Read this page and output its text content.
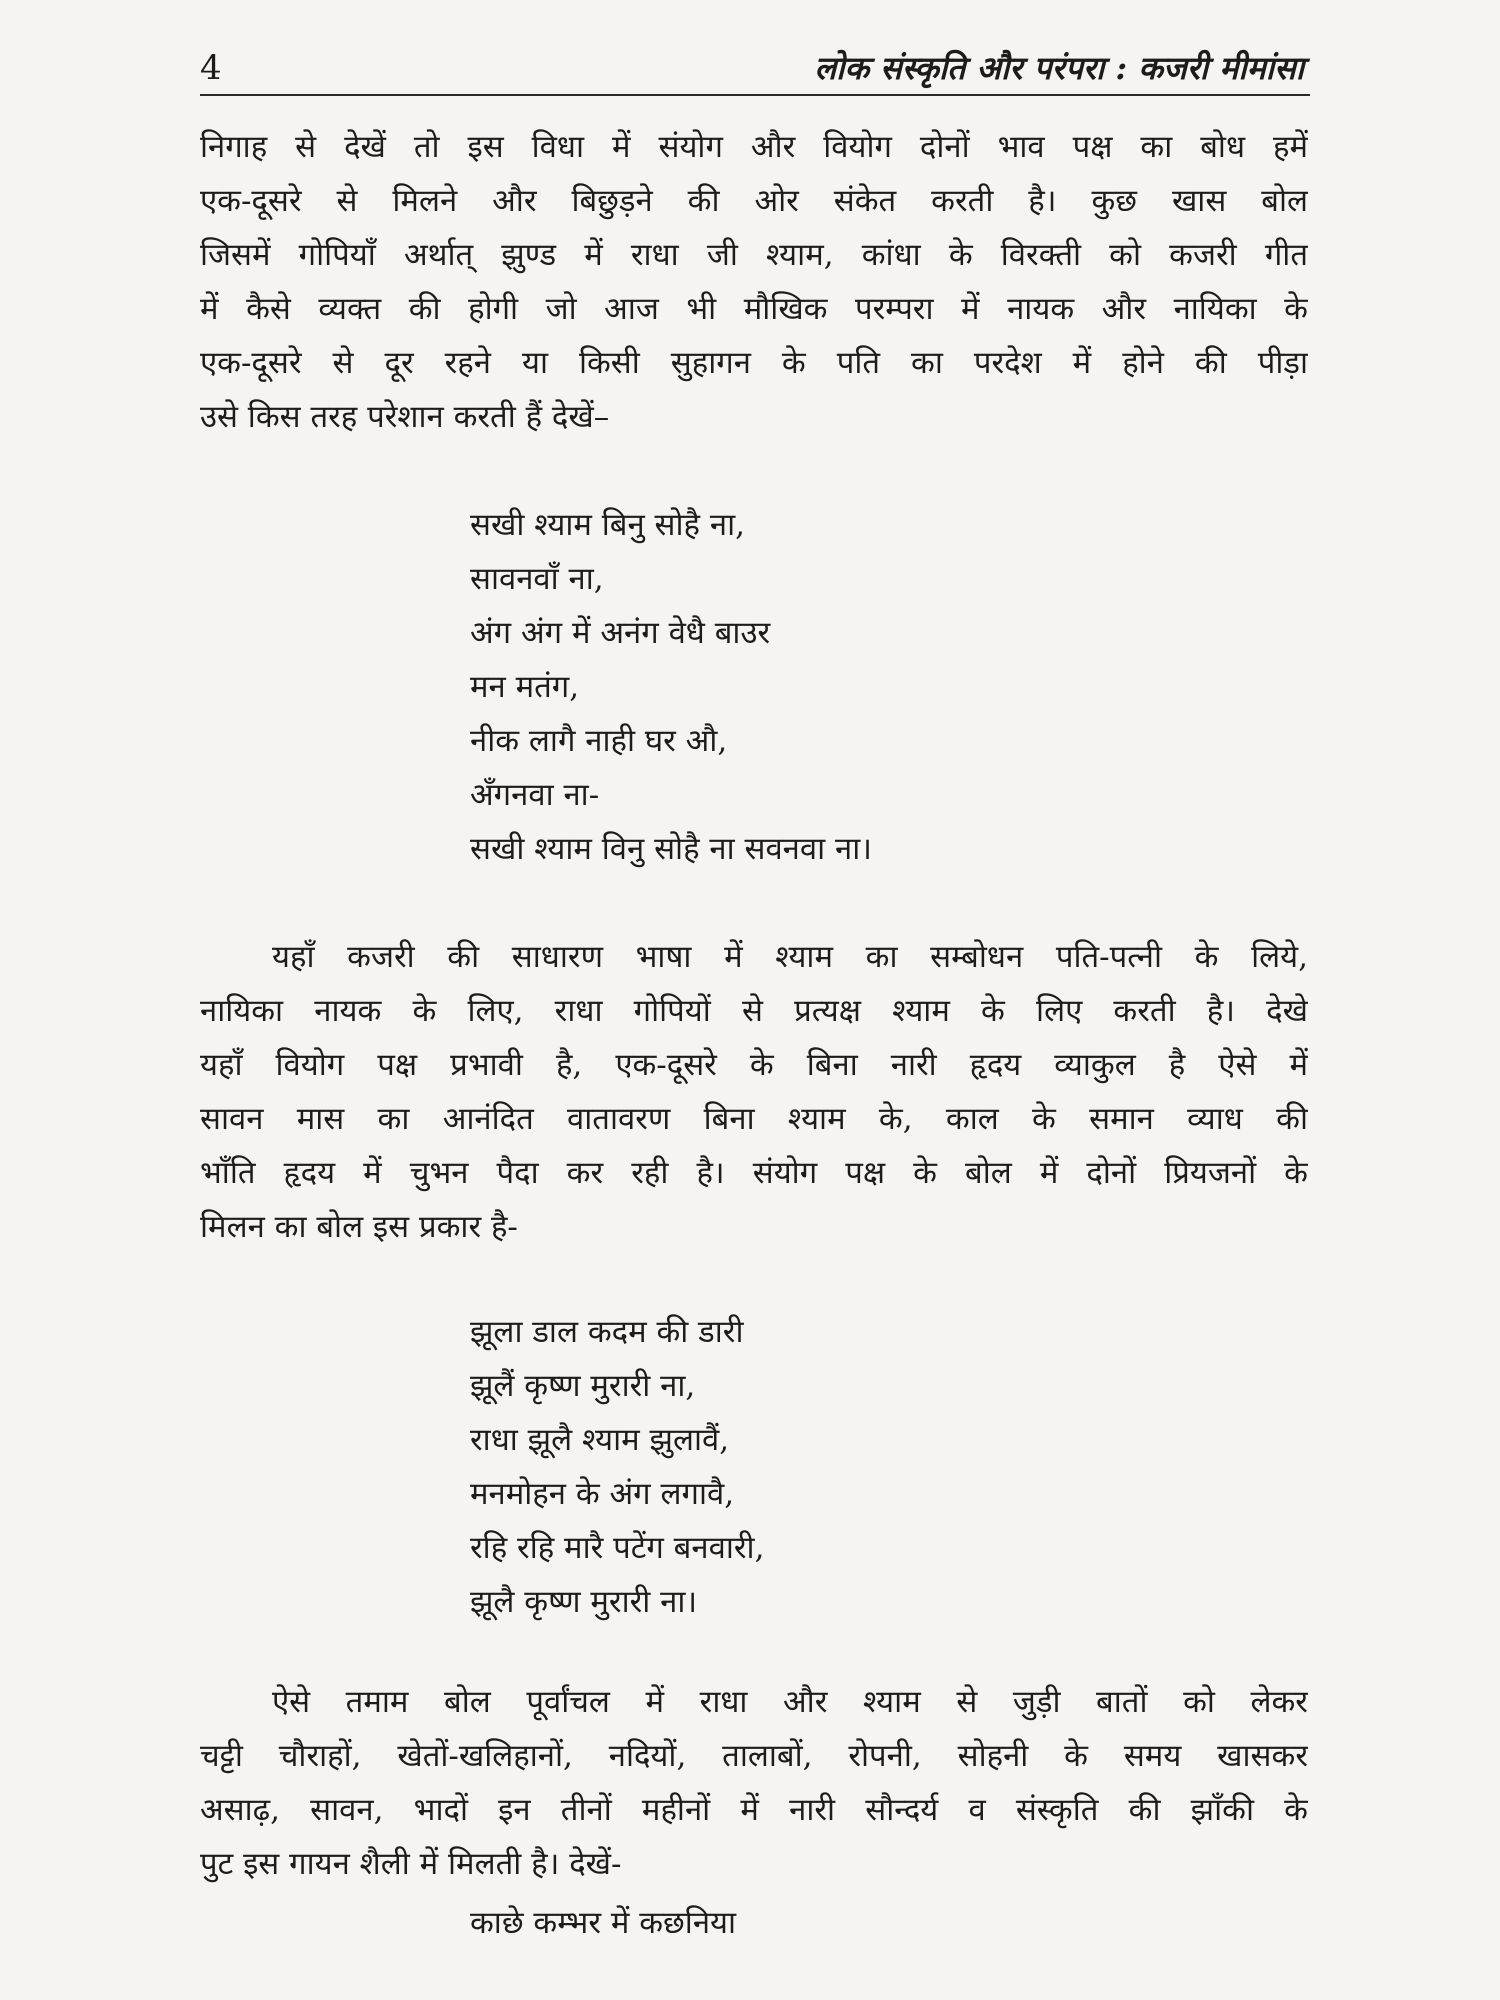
4	लोक संस्कृति और परंपरा : कजरी मीमांसा
निगाह से देखें तो इस विधा में संयोग और वियोग दोनों भाव पक्ष का बोध हमें
एक-दूसरे से मिलने और बिछुड़ने की ओर संकेत करती है। कुछ खास बोल
जिसमें गोपियाँ अर्थात् झुण्ड में राधा जी श्याम, कांधा के विरक्ती को कजरी गीत
में कैसे व्यक्त की होगी जो आज भी मौखिक परम्परा में नायक और नायिका के
एक-दूसरे से दूर रहने या किसी सुहागन के पति का परदेश में होने की पीड़ा
उसे किस तरह परेशान करती हैं देखें–
सखी श्याम बिनु सोहै ना,
सावनवाँ ना,
अंग अंग में अनंग वेधै बाउर
मन मतंग,
नीक लागै नाही घर औ,
अँगनवा ना-
सखी श्याम विनु सोहै ना सवनवा ना।
यहाँ कजरी की साधारण भाषा में श्याम का सम्बोधन पति-पत्नी के लिये,
नायिका नायक के लिए, राधा गोपियों से प्रत्यक्ष श्याम के लिए करती है। देखे
यहाँ वियोग पक्ष प्रभावी है, एक-दूसरे के बिना नारी हृदय व्याकुल है ऐसे में
सावन मास का आनंदित वातावरण बिना श्याम के, काल के समान व्याध की
भाँति हृदय में चुभन पैदा कर रही है। संयोग पक्ष के बोल में दोनों प्रियजनों के
मिलन का बोल इस प्रकार है-
झूला डाल कदम की डारी
झूलैं कृष्ण मुरारी ना,
राधा झूलै श्याम झुलावैं,
मनमोहन के अंग लगावै,
रहि रहि मारै पटेंग बनवारी,
झूलै कृष्ण मुरारी ना।
ऐसे तमाम बोल पूर्वांचल में राधा और श्याम से जुड़ी बातों को लेकर
चट्टी चौराहों, खेतों-खलिहानों, नदियों, तालाबों, रोपनी, सोहनी के समय खासकर
असाढ़, सावन, भादों इन तीनों महीनों में नारी सौन्दर्य व संस्कृति की झाँकी के
पुट इस गायन शैली में मिलती है। देखें-
काछे कम्भर में कछनिया
